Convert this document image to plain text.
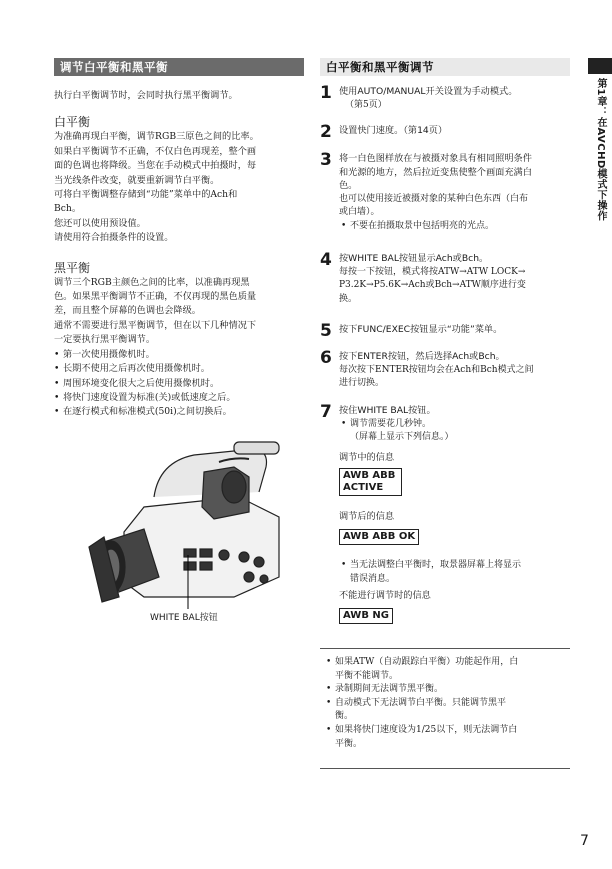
调节白平衡和黑平衡
执行白平衡调节时，会同时执行黑平衡调节。

白平衡

为准确再现白平衡，调节RGB三原色之间的比率。
如果白平衡调节不正确，不仅白色再现差，整个画
面的色调也将降级。当您在手动模式中拍摄时，每
当光线条件改变，就要重新调节白平衡。
可将白平衡调整存储到“功能”菜单中的Ach和
Bch。
您还可以使用预设值。
请使用符合拍摄条件的设置。

黑平衡

调节三个RGB主颜色之间的比率，以准确再现黑
色。如果黑平衡调节不正确，不仅再现的黑色质量
差，而且整个屏幕的色调也会降级。
通常不需要进行黑平衡调节，但在以下几种情况下
一定要执行黑平衡调节。
• 第一次使用摄像机时。
• 长期不使用之后再次使用摄像机时。
• 周围环境变化很大之后使用摄像机时。
• 将快门速度设置为标准(关)或低速度之后。
• 在逐行模式和标准模式(50i)之间切换后。
WHITE BAL按钮
白平衡和黑平衡调节
1 使用AUTO/MANUAL开关设置为手动模式。
（第5页）
2 设置快门速度。（第14页）
3 将一白色图样放在与被摄对象具有相同照明条件
和光源的地方，然后拉近变焦使整个画面充满白
色。
也可以使用接近被摄对象的某种白色东西（白布
或白墙）。
• 不要在拍摄取景中包括明亮的光点。
4 按WHITE BAL按钮显示Ach或Bch。
每按一下按钮，模式将按ATW→ATW LOCK→
P3.2K→P5.6K→Ach或Bch→ATW顺序进行变
换。
5 按下FUNC/EXEC按钮显示“功能”菜单。
6 按下ENTER按钮，然后选择Ach或Bch。
每次按下ENTER按钮均会在Ach和Bch模式之间
进行切换。
7 按住WHITE BAL按钮。
• 调节需要花几秒钟。
（屏幕上显示下列信息。）
调节中的信息
AWB ABB
ACTIVE
调节后的信息
AWB ABB OK
• 当无法调整白平衡时，取景器屏幕上将显示
错误消息。
不能进行调节时的信息
AWB NG
• 如果ATW（自动跟踪白平衡）功能起作用，白
平衡不能调节。
• 录制期间无法调节黑平衡。
• 自动模式下无法调节白平衡。只能调节黑平
衡。
• 如果将快门速度设为1/25以下，则无法调节白
平衡。
第1章：在AVCHD模式下操作
7
